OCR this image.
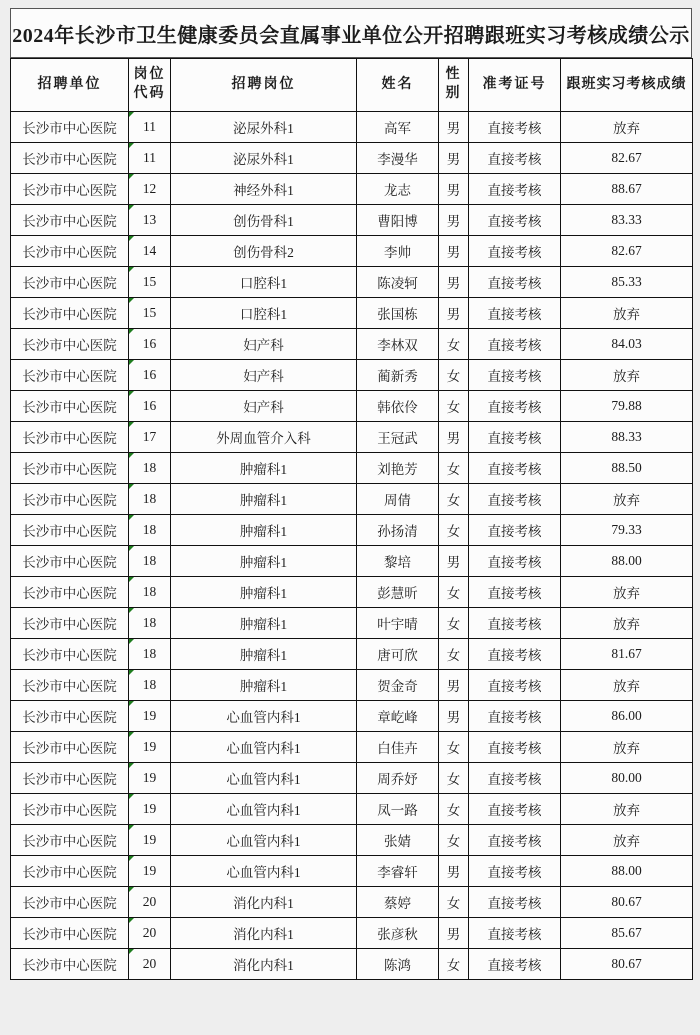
2024年长沙市卫生健康委员会直属事业单位公开招聘跟班实习考核成绩公示
招聘单位	岗位代码	招聘岗位	姓名	性别	准考证号	跟班实习考核成绩
长沙市中心医院	11	泌尿外科1	高军	男	直接考核	放弃
长沙市中心医院	11	泌尿外科1	李漫华	男	直接考核	82.67
长沙市中心医院	12	神经外科1	龙志	男	直接考核	88.67
长沙市中心医院	13	创伤骨科1	曹阳博	男	直接考核	83.33
长沙市中心医院	14	创伤骨科2	李帅	男	直接考核	82.67
长沙市中心医院	15	口腔科1	陈凌轲	男	直接考核	85.33
长沙市中心医院	15	口腔科1	张国栋	男	直接考核	放弃
长沙市中心医院	16	妇产科	李林双	女	直接考核	84.03
长沙市中心医院	16	妇产科	蔺新秀	女	直接考核	放弃
长沙市中心医院	16	妇产科	韩依伶	女	直接考核	79.88
长沙市中心医院	17	外周血管介入科	王冠武	男	直接考核	88.33
长沙市中心医院	18	肿瘤科1	刘艳芳	女	直接考核	88.50
长沙市中心医院	18	肿瘤科1	周倩	女	直接考核	放弃
长沙市中心医院	18	肿瘤科1	孙扬清	女	直接考核	79.33
长沙市中心医院	18	肿瘤科1	黎培	男	直接考核	88.00
长沙市中心医院	18	肿瘤科1	彭慧昕	女	直接考核	放弃
长沙市中心医院	18	肿瘤科1	叶宇晴	女	直接考核	放弃
长沙市中心医院	18	肿瘤科1	唐可欣	女	直接考核	81.67
长沙市中心医院	18	肿瘤科1	贺金奇	男	直接考核	放弃
长沙市中心医院	19	心血管内科1	章屹峰	男	直接考核	86.00
长沙市中心医院	19	心血管内科1	白佳卉	女	直接考核	放弃
长沙市中心医院	19	心血管内科1	周乔妤	女	直接考核	80.00
长沙市中心医院	19	心血管内科1	凤一路	女	直接考核	放弃
长沙市中心医院	19	心血管内科1	张婧	女	直接考核	放弃
长沙市中心医院	19	心血管内科1	李睿轩	男	直接考核	88.00
长沙市中心医院	20	消化内科1	蔡婷	女	直接考核	80.67
长沙市中心医院	20	消化内科1	张彦秋	男	直接考核	85.67
长沙市中心医院	20	消化内科1	陈鸿	女	直接考核	80.67
